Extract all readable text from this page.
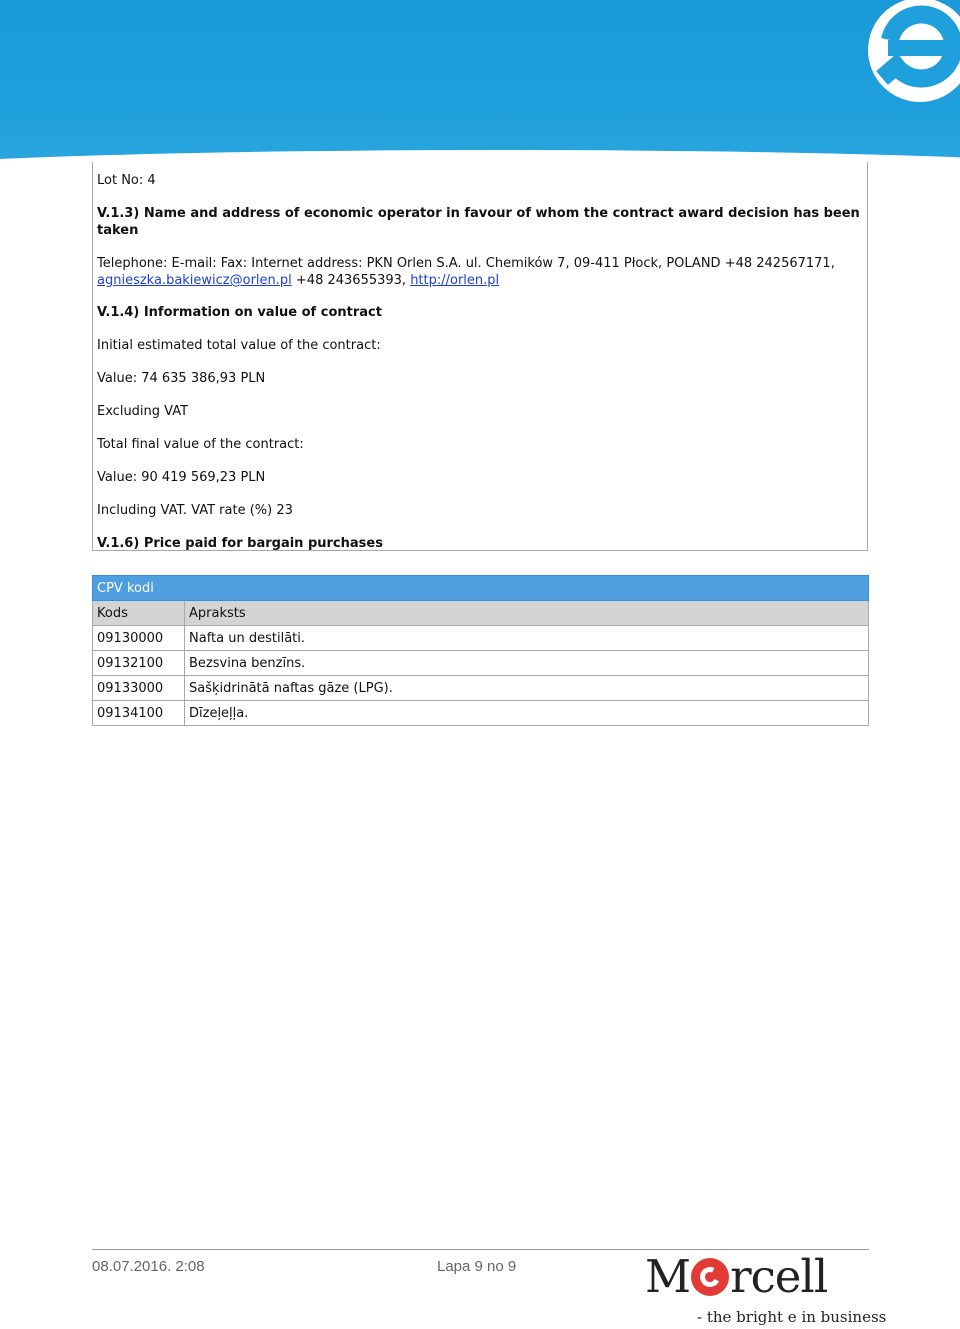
Lot No: 4

V.1.3) Name and address of economic operator in favour of whom the contract award decision has been taken

Telephone: E-mail: Fax: Internet address: PKN Orlen S.A. ul. Chemików 7, 09-411 Płock, POLAND +48 242567171,
agnieszka.bakiewicz@orlen.pl +48 243655393, http://orlen.pl

V.1.4) Information on value of contract

Initial estimated total value of the contract:

Value: 74 635 386,93 PLN

Excluding VAT

Total final value of the contract:

Value: 90 419 569,23 PLN

Including VAT. VAT rate (%) 23

V.1.6) Price paid for bargain purchases

CPV kodi	
Kods	Apraksts
09130000	Nafta un destilāti.
09132100	Bezsvina benzīns.
09133000	Sašķidrinātā naftas gāze (LPG).
09134100	Dīzeļeļļa.
08.07.2016. 2:08	Lapa 9 no 9	M rcell
- the bright e in business
